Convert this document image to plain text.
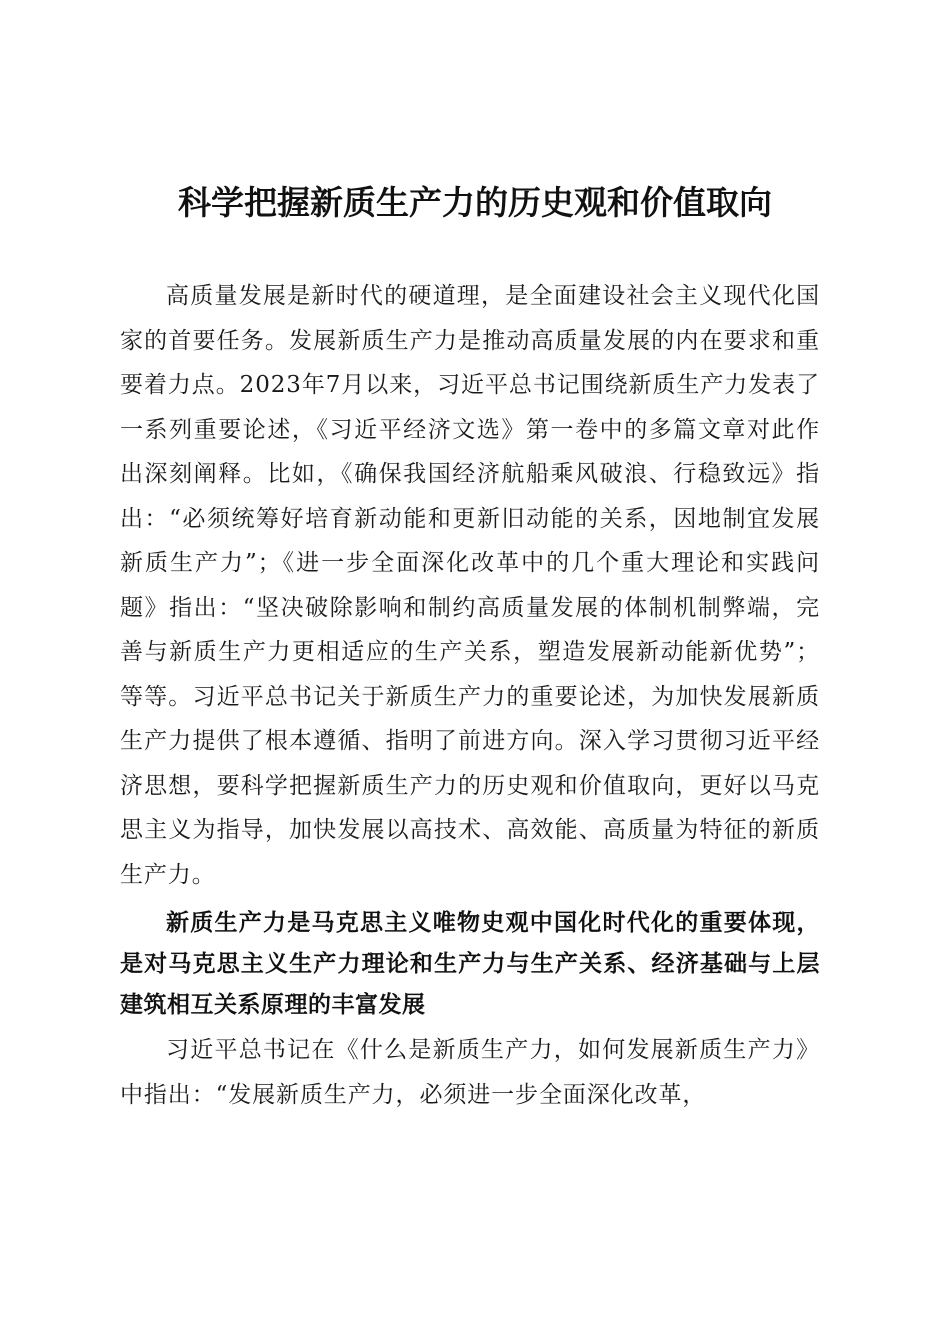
科学把握新质生产力的历史观和价值取向

高质量发展是新时代的硬道理，是全面建设社会主义现代化国家的首要任务。发展新质生产力是推动高质量发展的内在要求和重要着力点。2023年7月以来，习近平总书记围绕新质生产力发表了一系列重要论述，《习近平经济文选》第一卷中的多篇文章对此作出深刻阐释。比如，《确保我国经济航船乘风破浪、行稳致远》指出：“必须统筹好培育新动能和更新旧动能的关系，因地制宜发展新质生产力”；《进一步全面深化改革中的几个重大理论和实践问题》指出：“坚决破除影响和制约高质量发展的体制机制弊端，完善与新质生产力更相适应的生产关系，塑造发展新动能新优势”；等等。习近平总书记关于新质生产力的重要论述，为加快发展新质生产力提供了根本遵循、指明了前进方向。深入学习贯彻习近平经济思想，要科学把握新质生产力的历史观和价值取向，更好以马克思主义为指导，加快发展以高技术、高效能、高质量为特征的新质生产力。

新质生产力是马克思主义唯物史观中国化时代化的重要体现，是对马克思主义生产力理论和生产力与生产关系、经济基础与上层建筑相互关系原理的丰富发展

习近平总书记在《什么是新质生产力，如何发展新质生产力》中指出：“发展新质生产力，必须进一步全面深化改革，
